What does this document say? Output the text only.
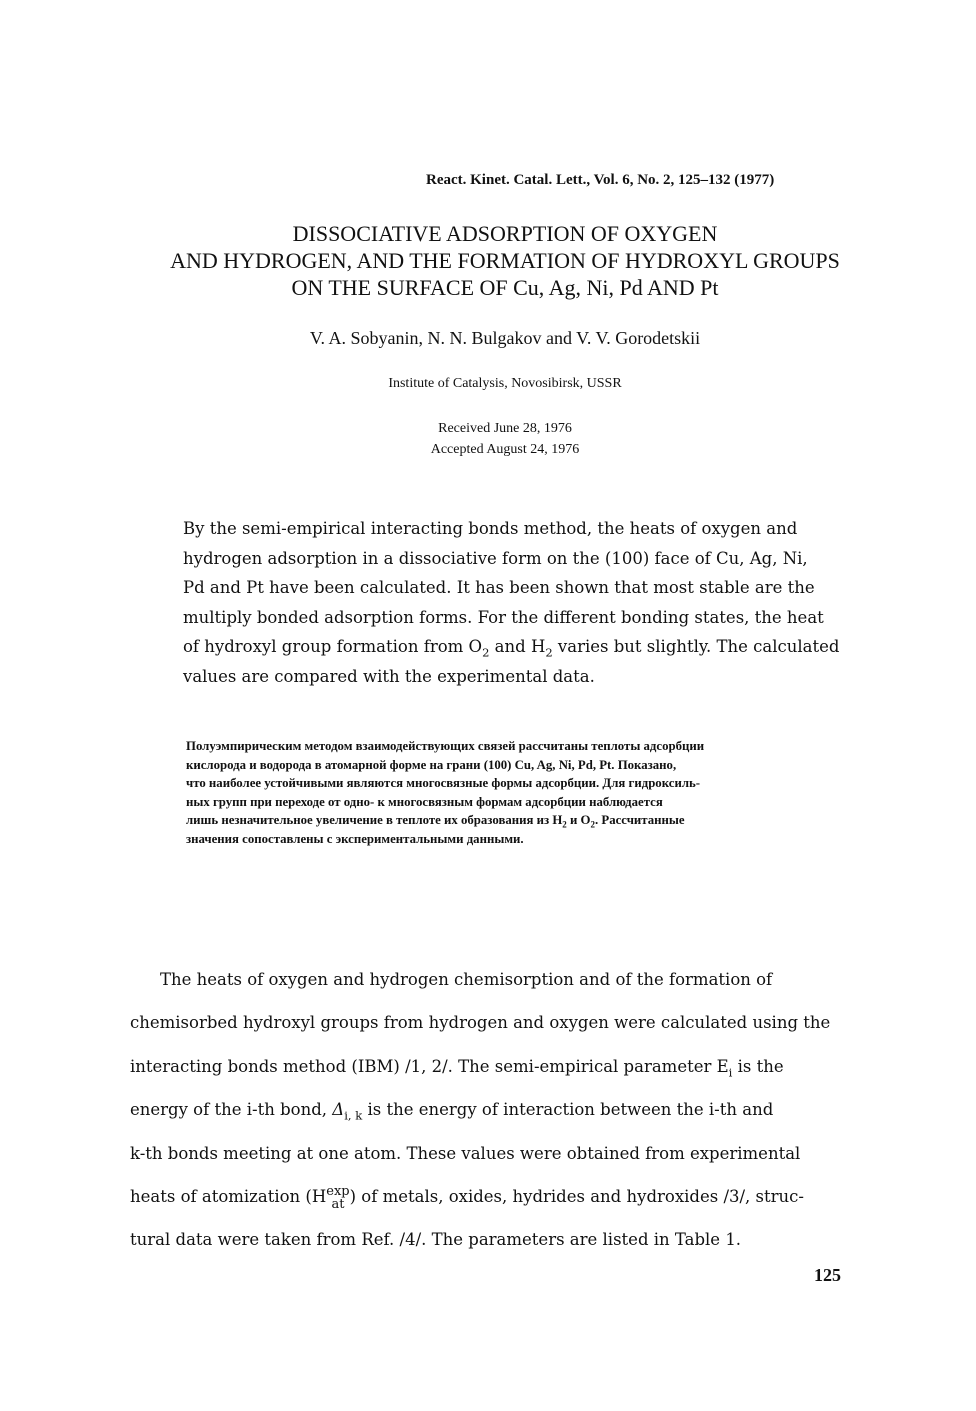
React. Kinet. Catal. Lett., Vol. 6, No. 2, 125–132 (1977)
DISSOCIATIVE ADSORPTION OF OXYGEN
AND HYDROGEN, AND THE FORMATION OF HYDROXYL GROUPS
ON THE SURFACE OF Cu, Ag, Ni, Pd AND Pt
V. A. Sobyanin, N. N. Bulgakov and V. V. Gorodetskii
Institute of Catalysis, Novosibirsk, USSR
Received June 28, 1976
Accepted August 24, 1976
By the semi-empirical interacting bonds method, the heats of oxygen and
hydrogen adsorption in a dissociative form on the (100) face of Cu, Ag, Ni,
Pd and Pt have been calculated. It has been shown that most stable are the
multiply bonded adsorption forms. For the different bonding states, the heat
of hydroxyl group formation from $O_2$ and $H_2$ varies but slightly. The calculated
values are compared with the experimental data.
Полуэмпирическим методом взаимодействующих связей рассчитаны теплоты адсорбции
кислорода и водорода в атомарной форме на грани (100) Cu, Ag, Ni, Pd, Pt. Показано,
что наиболее устойчивыми являются многосвязные формы адсорбции. Для гидроксиль-
ных групп при переходе от одно- к многосвязным формам адсорбции наблюдается
лишь незначительное увеличение в теплоте их образования из $H_2$ и $O_2$. Рассчитанные
значения сопоставлены с экспериментальными данными.
The heats of oxygen and hydrogen chemisorption and of the formation of
chemisorbed hydroxyl groups from hydrogen and oxygen were calculated using the
interacting bonds method (IBM) /1, 2/. The semi-empirical parameter $E_i$ is the
energy of the i-th bond, $\Delta_{i, k}$ is the energy of interaction between the i-th and
k-th bonds meeting at one atom. These values were obtained from experimental
heats of atomization (H exp
at ) of metals, oxides, hydrides and hydroxides /3/, struc-
tural data were taken from Ref. /4/. The parameters are listed in Table 1.
125
